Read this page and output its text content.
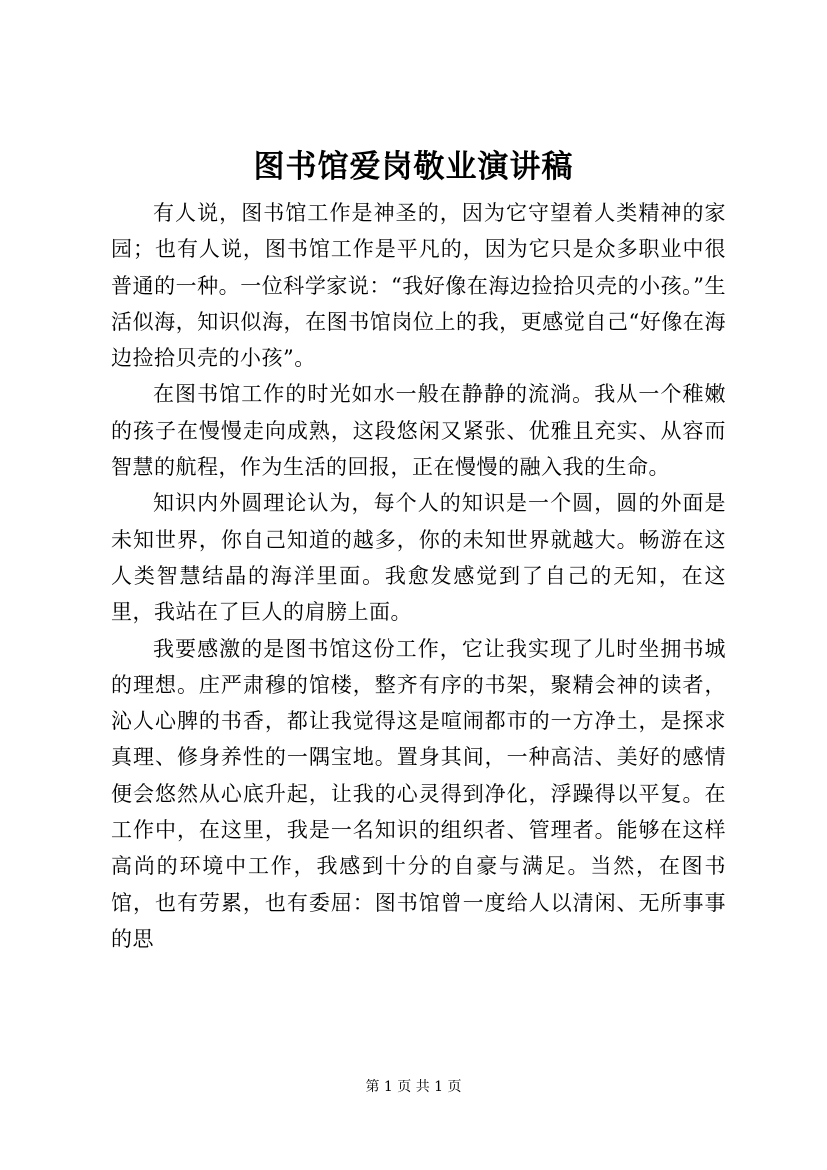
图书馆爱岗敬业演讲稿

有人说，图书馆工作是神圣的，因为它守望着人类精神的家园；也有人说，图书馆工作是平凡的，因为它只是众多职业中很普通的一种。一位科学家说：“我好像在海边捡拾贝壳的小孩。”生活似海，知识似海，在图书馆岗位上的我，更感觉自己“好像在海边捡拾贝壳的小孩”。

在图书馆工作的时光如水一般在静静的流淌。我从一个稚嫩的孩子在慢慢走向成熟，这段悠闲又紧张、优雅且充实、从容而智慧的航程，作为生活的回报，正在慢慢的融入我的生命。

知识内外圆理论认为，每个人的知识是一个圆，圆的外面是未知世界，你自己知道的越多，你的未知世界就越大。畅游在这人类智慧结晶的海洋里面。我愈发感觉到了自己的无知，在这里，我站在了巨人的肩膀上面。

我要感激的是图书馆这份工作，它让我实现了儿时坐拥书城的理想。庄严肃穆的馆楼，整齐有序的书架，聚精会神的读者，沁人心脾的书香，都让我觉得这是喧闹都市的一方净土，是探求真理、修身养性的一隅宝地。置身其间，一种高洁、美好的感情便会悠然从心底升起，让我的心灵得到净化，浮躁得以平复。在工作中，在这里，我是一名知识的组织者、管理者。能够在这样高尚的环境中工作，我感到十分的自豪与满足。当然，在图书馆，也有劳累，也有委屈：图书馆曾一度给人以清闲、无所事事的思

第 1 页 共 1 页
